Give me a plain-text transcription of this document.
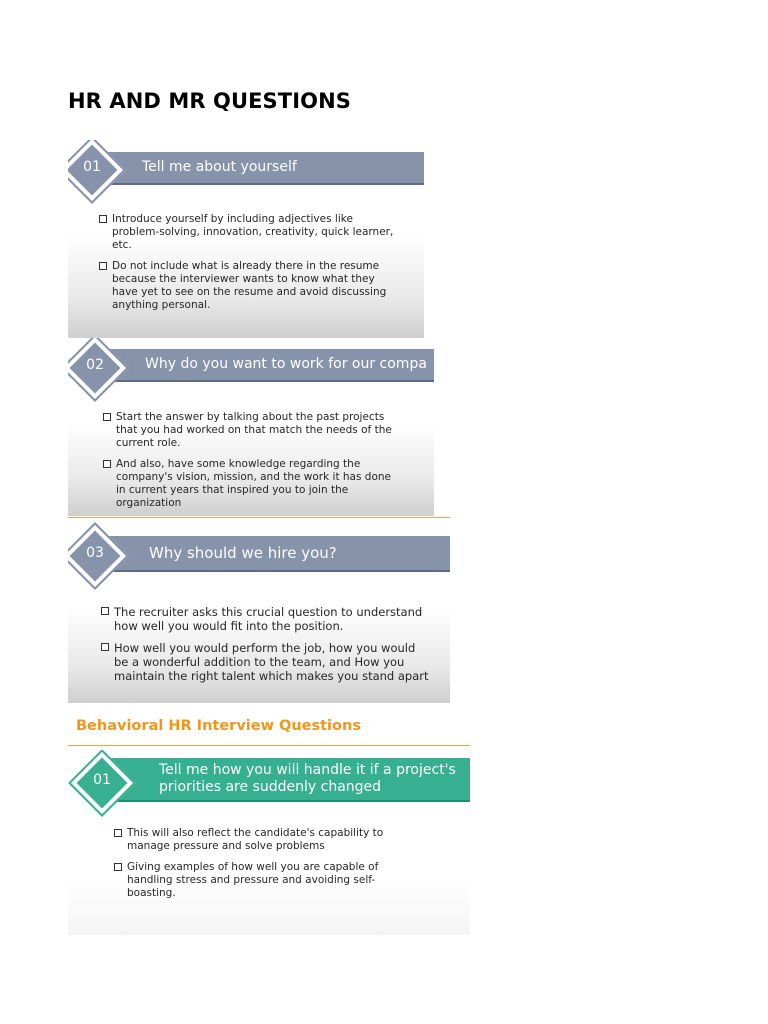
HR AND MR QUESTIONS
Tell me about yourself
01
Introduce yourself by including adjectives like problem-solving, innovation, creativity, quick learner, etc.
Do not include what is already there in the resume because the interviewer wants to know what they have yet to see on the resume and avoid discussing anything personal.
Why do you want to work for our compa
02
Start the answer by talking about the past projects that you had worked on that match the needs of the current role.
And also, have some knowledge regarding the company's vision, mission, and the work it has done in current years that inspired you to join the organization
Why should we hire you?
03
The recruiter asks this crucial question to understand how well you would fit into the position.
How well you would perform the job, how you would be a wonderful addition to the team, and How you maintain the right talent which makes you stand apart
Behavioral HR Interview Questions
Tell me how you will handle it if a project's
priorities are suddenly changed
01
This will also reflect the candidate's capability to manage pressure and solve problems
Giving examples of how well you are capable of handling stress and pressure and avoiding self-boasting.
